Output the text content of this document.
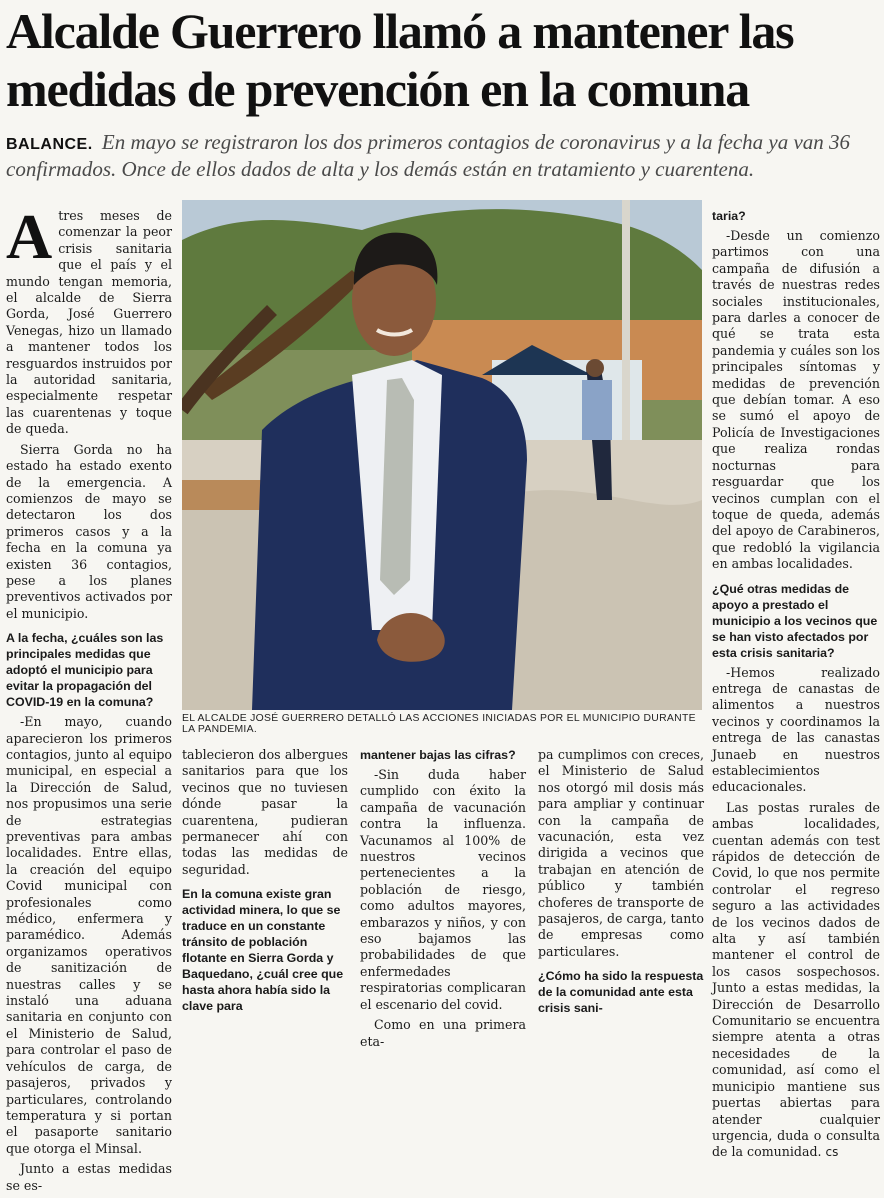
Alcalde Guerrero llamó a mantener las medidas de prevención en la comuna
BALANCE. En mayo se registraron los dos primeros contagios de coronavirus y a la fecha ya van 36 confirmados. Once de ellos dados de alta y los demás están en tratamiento y cuarentena.

Atres meses de comenzar la peor crisis sanitaria que el país y el mundo tengan memoria, el alcalde de Sierra Gorda, José Guerrero Venegas, hizo un llamado a mantener todos los resguardos instruidos por la autoridad sanitaria, especialmente respetar las cuarentenas y toque de queda.

Sierra Gorda no ha estado ha estado exento de la emergencia. A comienzos de mayo se detectaron los dos primeros casos y a la fecha en la comuna ya existen 36 contagios, pese a los planes preventivos activados por el municipio.

A la fecha, ¿cuáles son las principales medidas que adoptó el municipio para evitar la propagación del COVID-19 en la comuna?

-En mayo, cuando aparecieron los primeros contagios, junto al equipo municipal, en especial a la Dirección de Salud, nos propusimos una serie de estrategias preventivas para ambas localidades. Entre ellas, la creación del equipo Covid municipal con profesionales como médico, enfermera y paramédico. Además organizamos operativos de sanitización de nuestras calles y se instaló una aduana sanitaria en conjunto con el Ministerio de Salud, para controlar el paso de vehículos de carga, de pasajeros, privados y particulares, controlando temperatura y si portan el pasaporte sanitario que otorga el Minsal.

Junto a estas medidas se es-

EL ALCALDE JOSÉ GUERRERO DETALLÓ LAS ACCIONES INICIADAS POR EL MUNICIPIO DURANTE LA PANDEMIA.

tablecieron dos albergues sanitarios para que los vecinos que no tuviesen dónde pasar la cuarentena, pudieran permanecer ahí con todas las medidas de seguridad.

En la comuna existe gran actividad minera, lo que se traduce en un constante tránsito de población flotante en Sierra Gorda y Baquedano, ¿cuál cree que hasta ahora había sido la clave para

mantener bajas las cifras?

-Sin duda haber cumplido con éxito la campaña de vacunación contra la influenza. Vacunamos al 100% de nuestros vecinos pertenecientes a la población de riesgo, como adultos mayores, embarazos y niños, y con eso bajamos las probabilidades de que enfermedades respiratorias complicaran el escenario del covid.

Como en una primera eta-

pa cumplimos con creces, el Ministerio de Salud nos otorgó mil dosis más para ampliar y continuar con la campaña de vacunación, esta vez dirigida a vecinos que trabajan en atención de público y también choferes de transporte de pasajeros, de carga, tanto de empresas como particulares.

¿Cómo ha sido la respuesta de la comunidad ante esta crisis sani-

taria?

-Desde un comienzo partimos con una campaña de difusión a través de nuestras redes sociales institucionales, para darles a conocer de qué se trata esta pandemia y cuáles son los principales síntomas y medidas de prevención que debían tomar. A eso se sumó el apoyo de Policía de Investigaciones que realiza rondas nocturnas para resguardar que los vecinos cumplan con el toque de queda, además del apoyo de Carabineros, que redobló la vigilancia en ambas localidades.

¿Qué otras medidas de apoyo a prestado el municipio a los vecinos que se han visto afectados por esta crisis sanitaria?

-Hemos realizado entrega de canastas de alimentos a nuestros vecinos y coordinamos la entrega de las canastas Junaeb en nuestros establecimientos educacionales.

Las postas rurales de ambas localidades, cuentan además con test rápidos de detección de Covid, lo que nos permite controlar el regreso seguro a las actividades de los vecinos dados de alta y así también mantener el control de los casos sospechosos. Junto a estas medidas, la Dirección de Desarrollo Comunitario se encuentra siempre atenta a otras necesidades de la comunidad, así como el municipio mantiene sus puertas abiertas para atender cualquier urgencia, duda o consulta de la comunidad. cs
